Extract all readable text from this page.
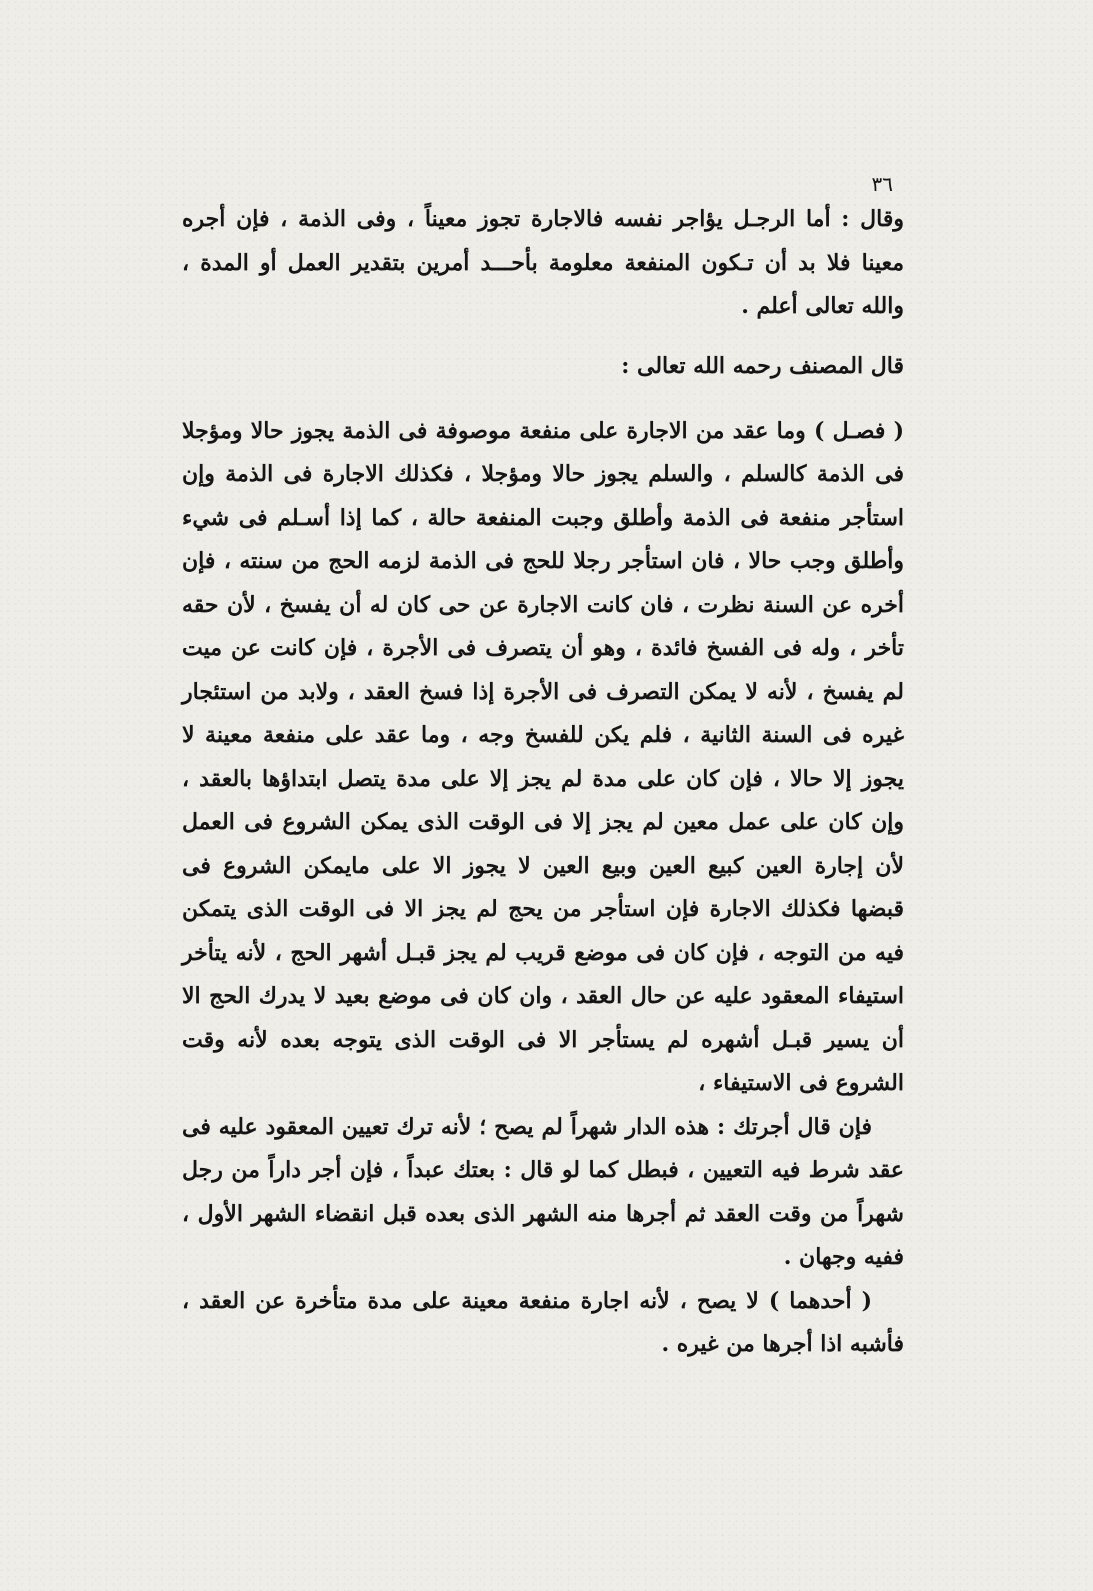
٣٦

وقال : أما الرجـل يؤاجر نفسه فالاجارة تجوز معيناً ، وفى الذمة ، فإن أجره معينا فلا بد أن تـكون المنفعة معلومة بأحـــد أمرين بتقدير العمل أو المدة ، والله تعالى أعلم .

قال المصنف رحمه الله تعالى :

( فصـل ) وما عقد من الاجارة على منفعة موصوفة فى الذمة يجوز حالا ومؤجلا فى الذمة كالسلم ، والسلم يجوز حالا ومؤجلا ، فكذلك الاجارة فى الذمة وإن استأجر منفعة فى الذمة وأطلق وجبت المنفعة حالة ، كما إذا أسـلم فى شيء وأطلق وجب حالا ، فان استأجر رجلا للحج فى الذمة لزمه الحج من سنته ، فإن أخره عن السنة نظرت ، فان كانت الاجارة عن حى كان له أن يفسخ ، لأن حقه تأخر ، وله فى الفسخ فائدة ، وهو أن يتصرف فى الأجرة ، فإن كانت عن ميت لم يفسخ ، لأنه لا يمكن التصرف فى الأجرة إذا فسخ العقد ، ولابد من استئجار غيره فى السنة الثانية ، فلم يكن للفسخ وجه ، وما عقد على منفعة معينة لا يجوز إلا حالا ، فإن كان على مدة لم يجز إلا على مدة يتصل ابتداؤها بالعقد ، وإن كان على عمل معين لم يجز إلا فى الوقت الذى يمكن الشروع فى العمل لأن إجارة العين كبيع العين وبيع العين لا يجوز الا على مايمكن الشروع فى قبضها فكذلك الاجارة فإن استأجر من يحج لم يجز الا فى الوقت الذى يتمكن فيه من التوجه ، فإن كان فى موضع قريب لم يجز قبـل أشهر الحج ، لأنه يتأخر استيفاء المعقود عليه عن حال العقد ، وان كان فى موضع بعيد لا يدرك الحج الا أن يسير قبـل أشهره لم يستأجر الا فى الوقت الذى يتوجه بعده لأنه وقت الشروع فى الاستيفاء ،

فإن قال أجرتك : هذه الدار شهراً لم يصح ؛ لأنه ترك تعيين المعقود عليه فى عقد شرط فيه التعيين ، فبطل كما لو قال : بعتك عبداً ، فإن أجر داراً من رجل شهراً من وقت العقد ثم أجرها منه الشهر الذى بعده قبل انقضاء الشهر الأول ، ففيه وجهان .

( أحدهما ) لا يصح ، لأنه اجارة منفعة معينة على مدة متأخرة عن العقد ، فأشبه اذا أجرها من غيره .
